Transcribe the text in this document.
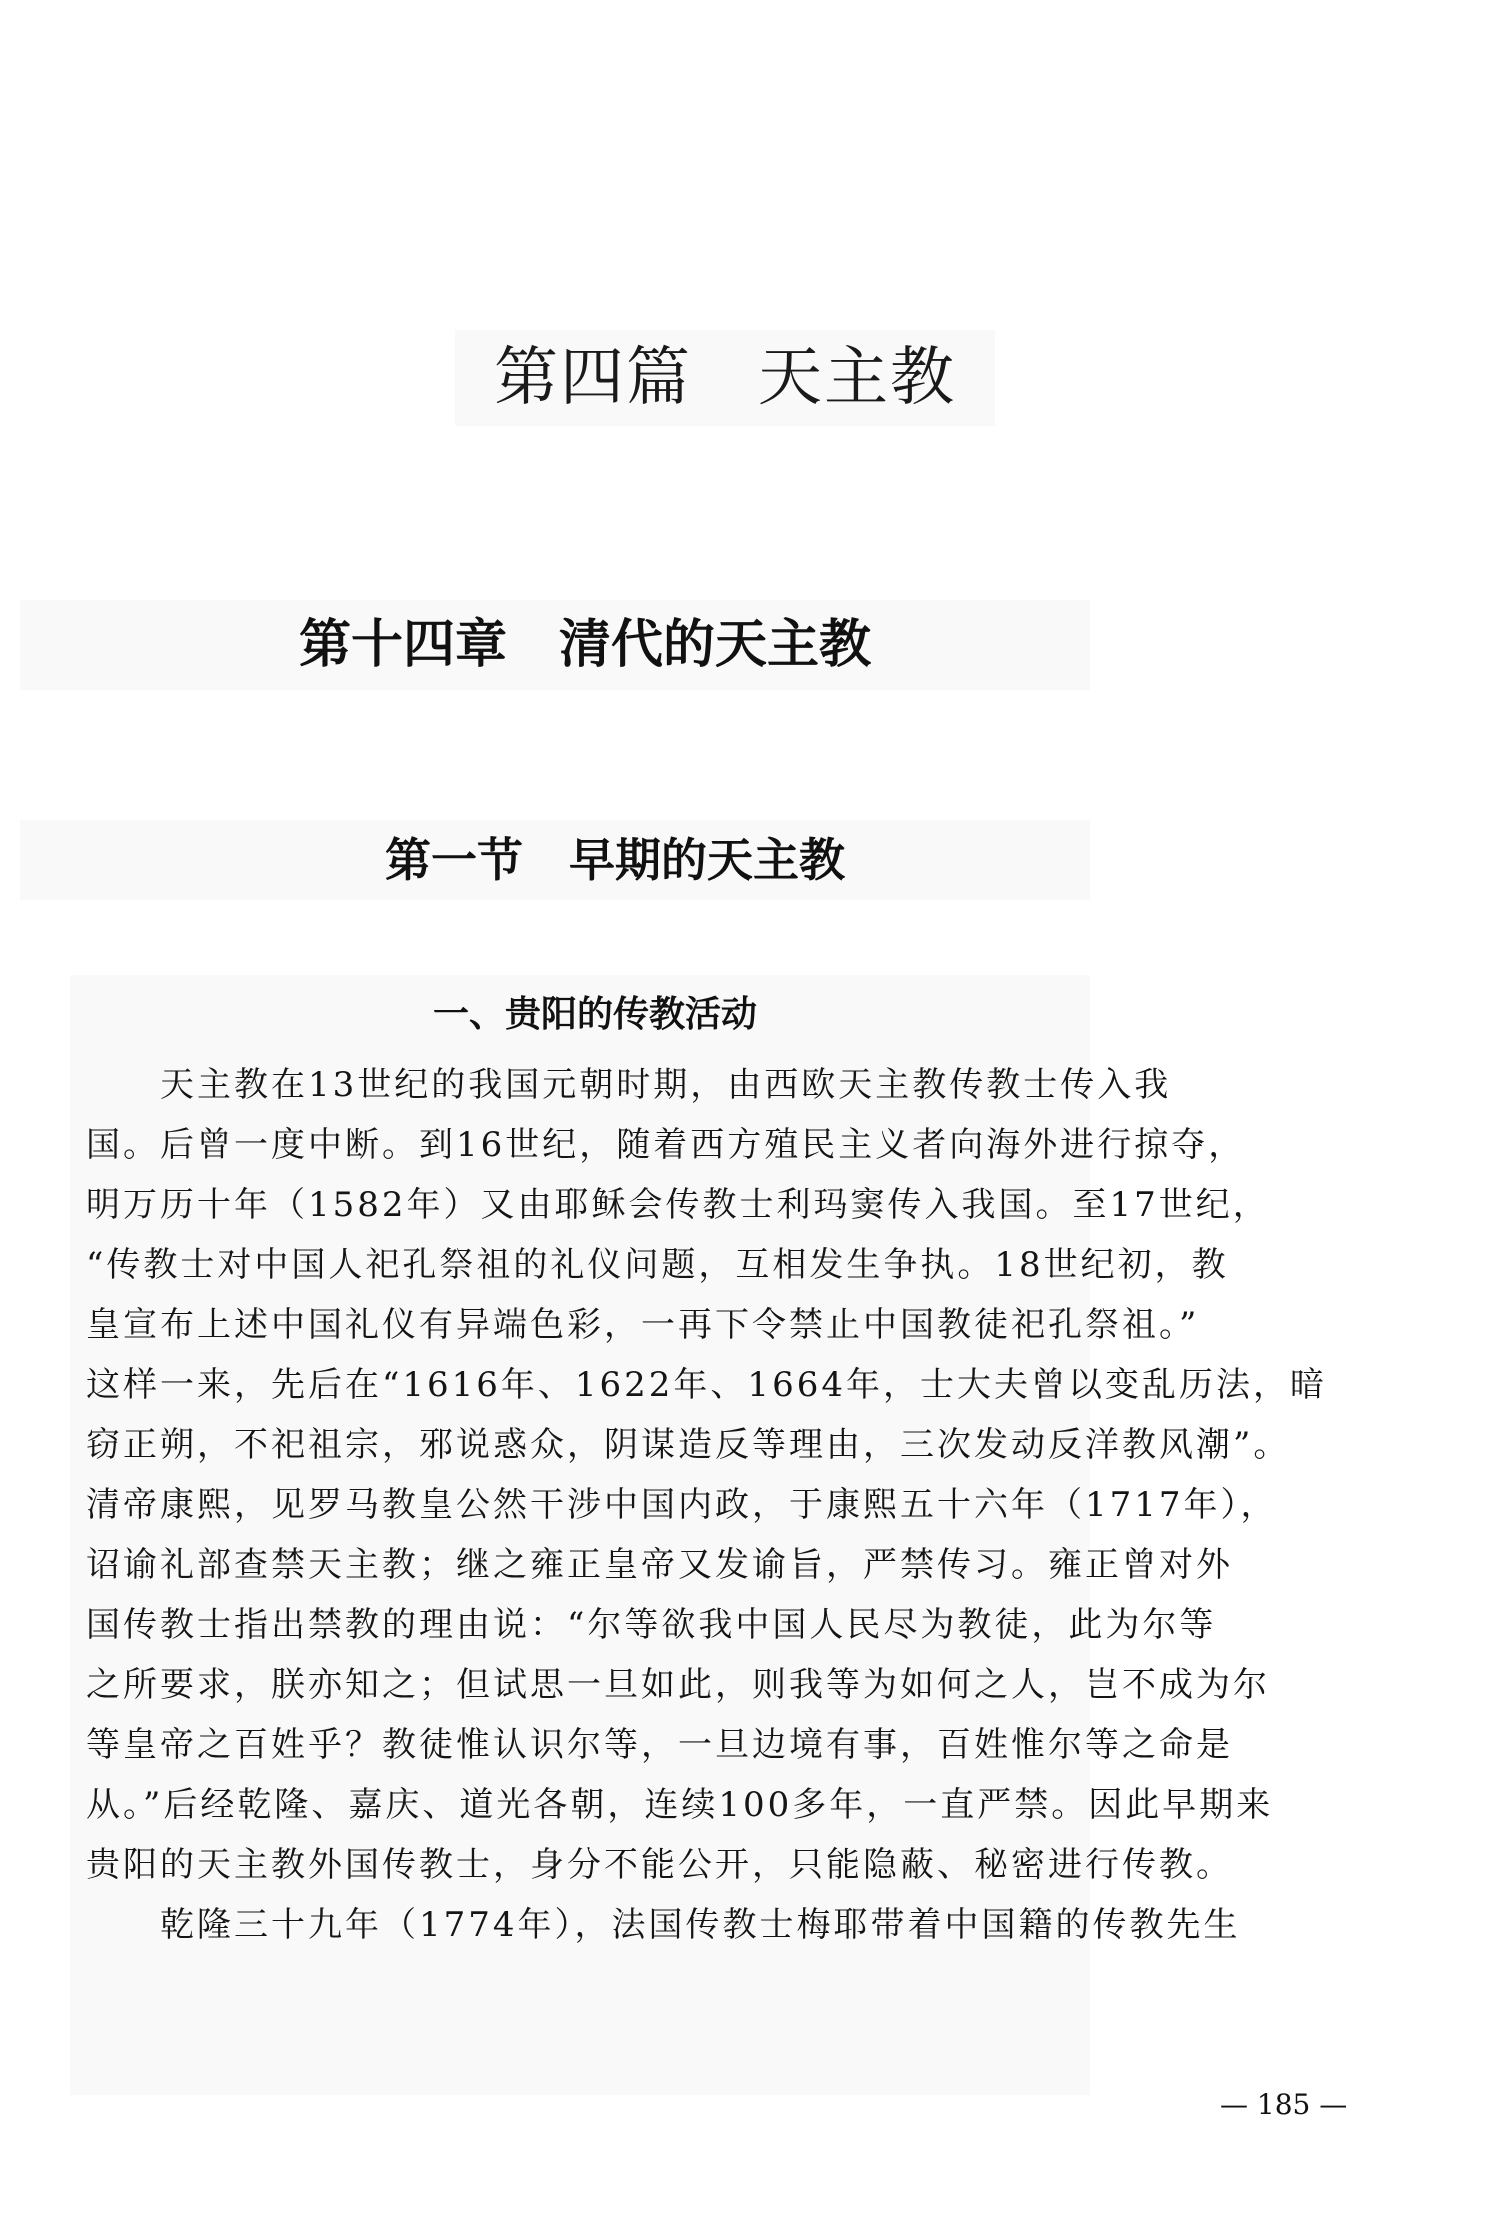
第四篇　天主教
第十四章　清代的天主教
第一节　早期的天主教
一、贵阳的传教活动
　　天主教在13世纪的我国元朝时期，由西欧天主教传教士传入我
国。后曾一度中断。到16世纪，随着西方殖民主义者向海外进行掠夺，
明万历十年（1582年）又由耶稣会传教士利玛窦传入我国。至17世纪，
“传教士对中国人祀孔祭祖的礼仪问题，互相发生争执。18世纪初，教
皇宣布上述中国礼仪有异端色彩，一再下令禁止中国教徒祀孔祭祖。”
这样一来，先后在“1616年、1622年、1664年，士大夫曾以变乱历法，暗
窃正朔，不祀祖宗，邪说惑众，阴谋造反等理由，三次发动反洋教风潮”。
清帝康熙，见罗马教皇公然干涉中国内政，于康熙五十六年（1717年），
诏谕礼部查禁天主教；继之雍正皇帝又发谕旨，严禁传习。雍正曾对外
国传教士指出禁教的理由说：“尔等欲我中国人民尽为教徒，此为尔等
之所要求，朕亦知之；但试思一旦如此，则我等为如何之人，岂不成为尔
等皇帝之百姓乎？教徒惟认识尔等，一旦边境有事，百姓惟尔等之命是
从。”后经乾隆、嘉庆、道光各朝，连续100多年，一直严禁。因此早期来
贵阳的天主教外国传教士，身分不能公开，只能隐蔽、秘密进行传教。
　　乾隆三十九年（1774年），法国传教士梅耶带着中国籍的传教先生
— 185 —
